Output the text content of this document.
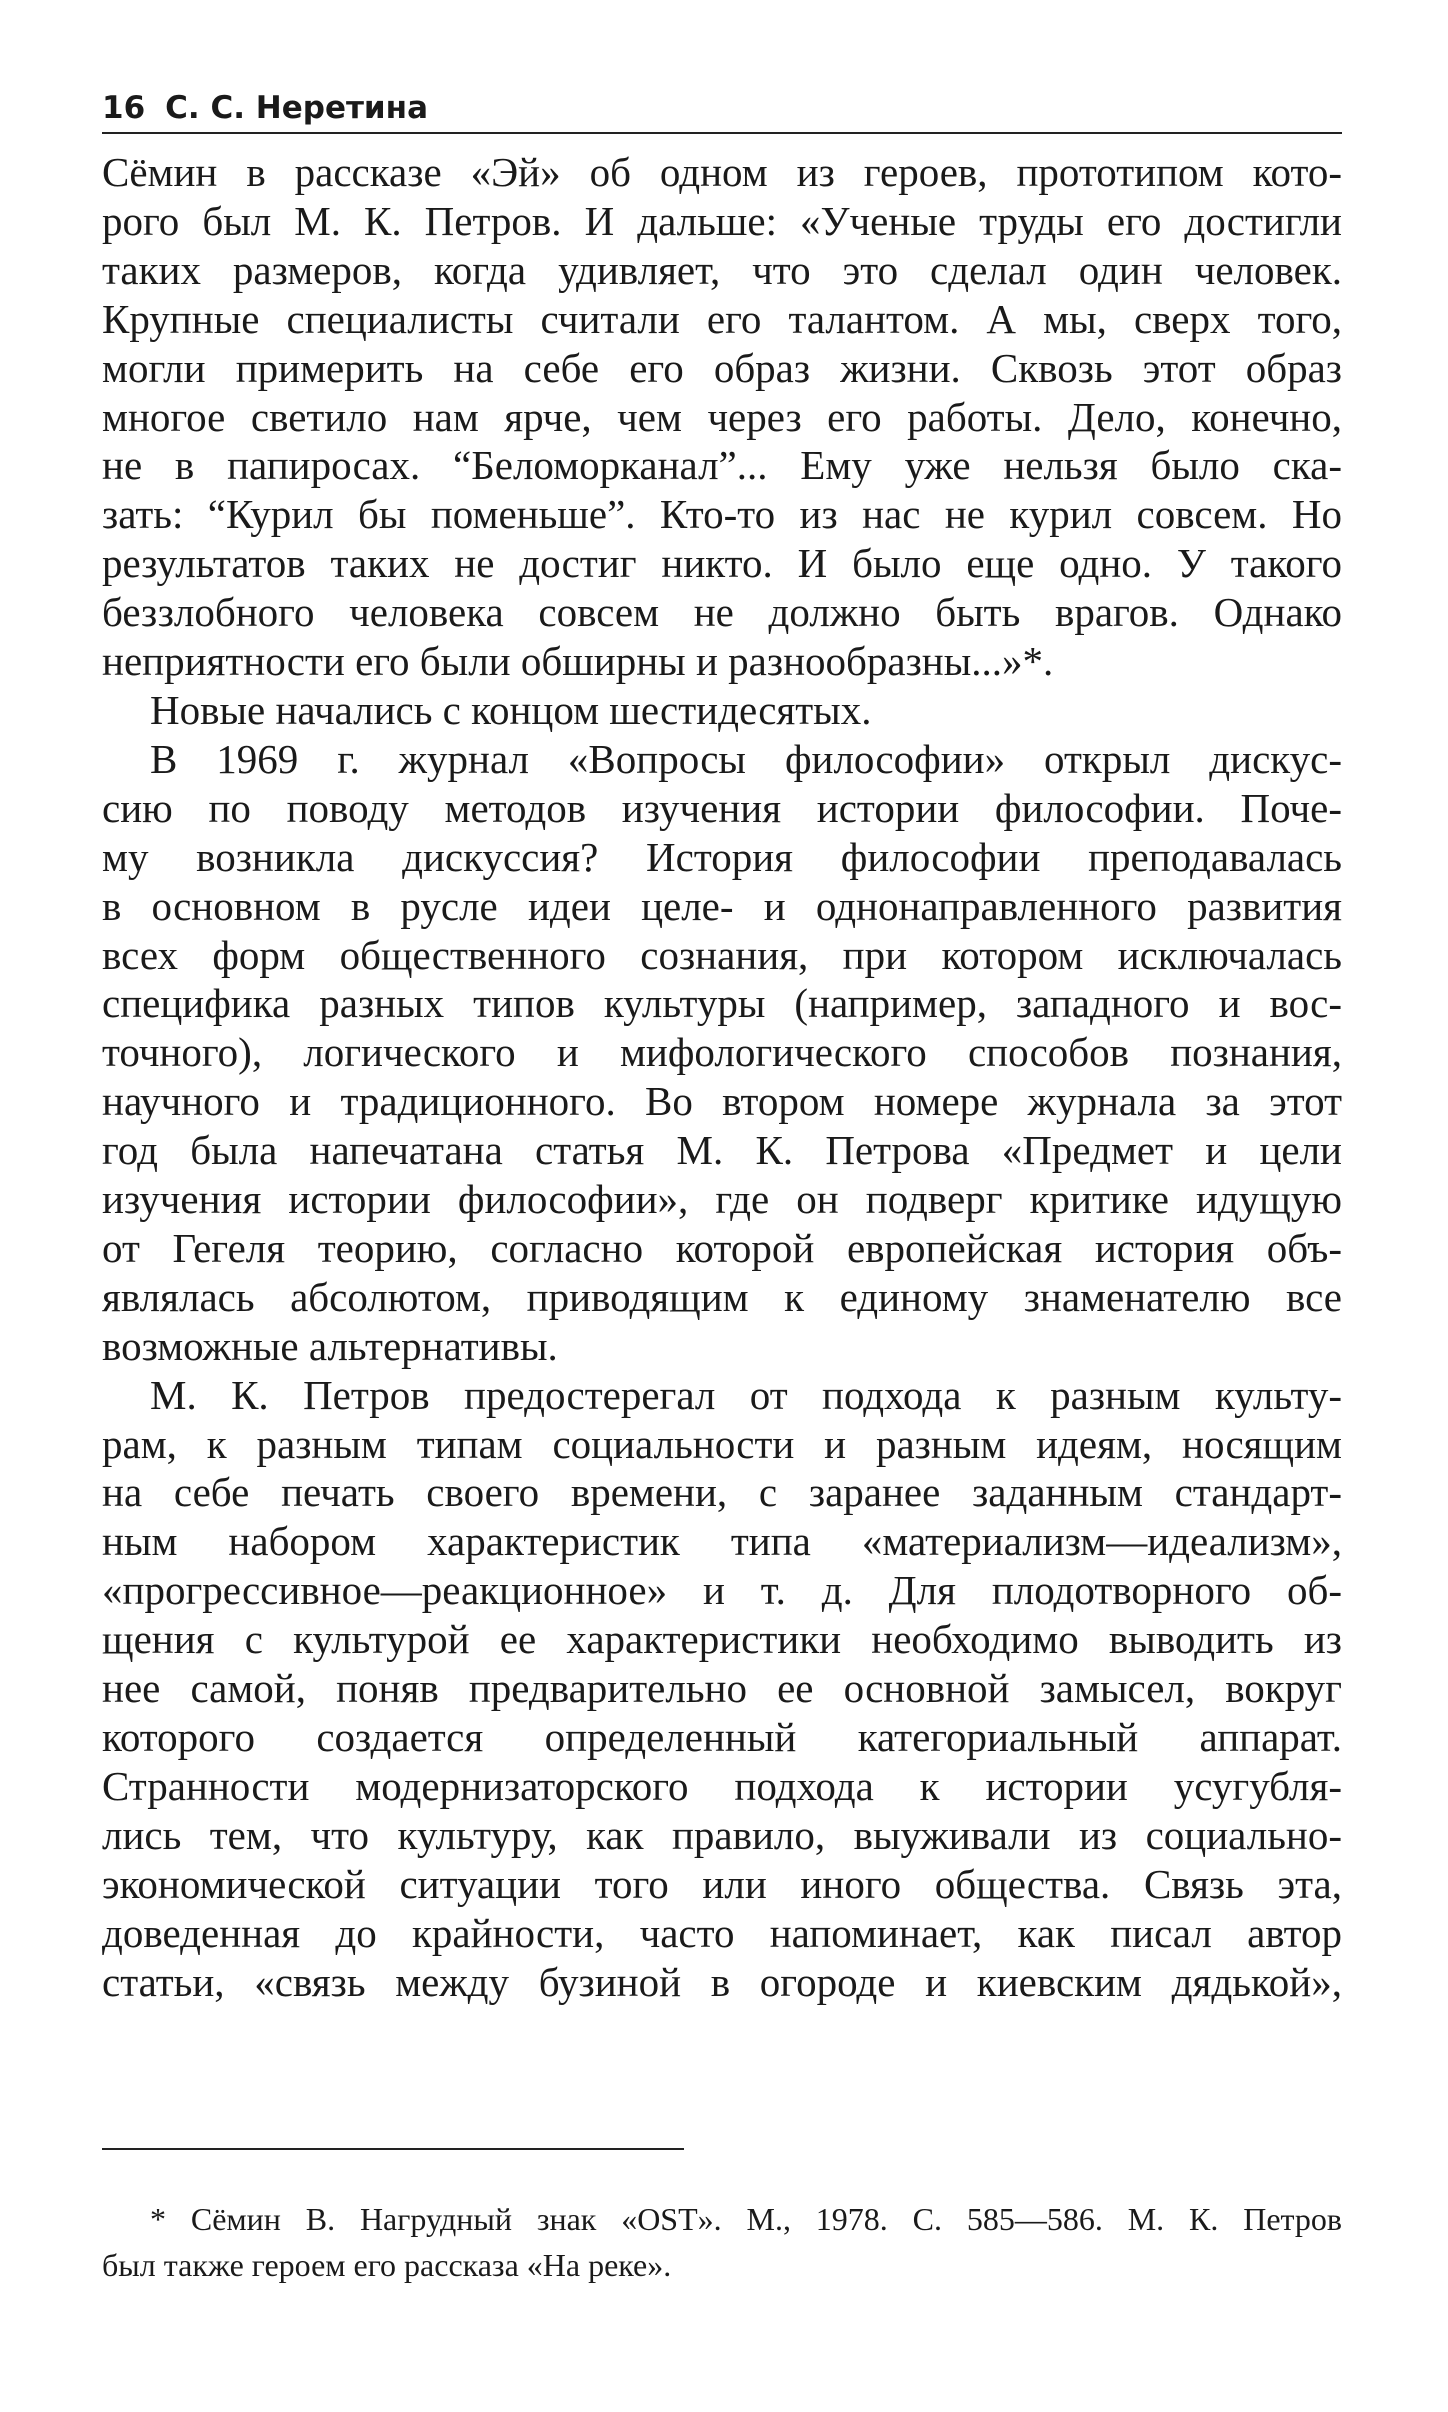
16 С. С. Неретина
Сёмин в рассказе «Эй» об одном из героев, прототипом кото-
рого был М. К. Петров. И дальше: «Ученые труды его достигли
таких размеров, когда удивляет, что это сделал один человек.
Крупные специалисты считали его талантом. А мы, сверх того,
могли примерить на себе его образ жизни. Сквозь этот образ
многое светило нам ярче, чем через его работы. Дело, конечно,
не в папиросах. “Беломорканал”... Ему уже нельзя было ска-
зать: “Курил бы поменьше”. Кто-то из нас не курил совсем. Но
результатов таких не достиг никто. И было еще одно. У такого
беззлобного человека совсем не должно быть врагов. Однако
неприятности его были обширны и разнообразны...»*.
Новые начались с концом шестидесятых.
В 1969 г. журнал «Вопросы философии» открыл дискус-
сию по поводу методов изучения истории философии. Поче-
му возникла дискуссия? История философии преподавалась
в основном в русле идеи целе- и однонаправленного развития
всех форм общественного сознания, при котором исключалась
специфика разных типов культуры (например, западного и вос-
точного), логического и мифологического способов познания,
научного и традиционного. Во втором номере журнала за этот
год была напечатана статья М. К. Петрова «Предмет и цели
изучения истории философии», где он подверг критике идущую
от Гегеля теорию, согласно которой европейская история объ-
являлась абсолютом, приводящим к единому знаменателю все
возможные альтернативы.
М. К. Петров предостерегал от подхода к разным культу-
рам, к разным типам социальности и разным идеям, носящим
на себе печать своего времени, с заранее заданным стандарт-
ным набором характеристик типа «материализм—идеализм»,
«прогрессивное—реакционное» и т. д. Для плодотворного об-
щения с культурой ее характеристики необходимо выводить из
нее самой, поняв предварительно ее основной замысел, вокруг
которого создается определенный категориальный аппарат.
Странности модернизаторского подхода к истории усугубля-
лись тем, что культуру, как правило, выуживали из социально-
экономической ситуации того или иного общества. Связь эта,
доведенная до крайности, часто напоминает, как писал автор
статьи, «связь между бузиной в огороде и киевским дядькой»,
* Сёмин В. Нагрудный знак «OST». М., 1978. С. 585—586. М. К. Петров
был также героем его рассказа «На реке».
